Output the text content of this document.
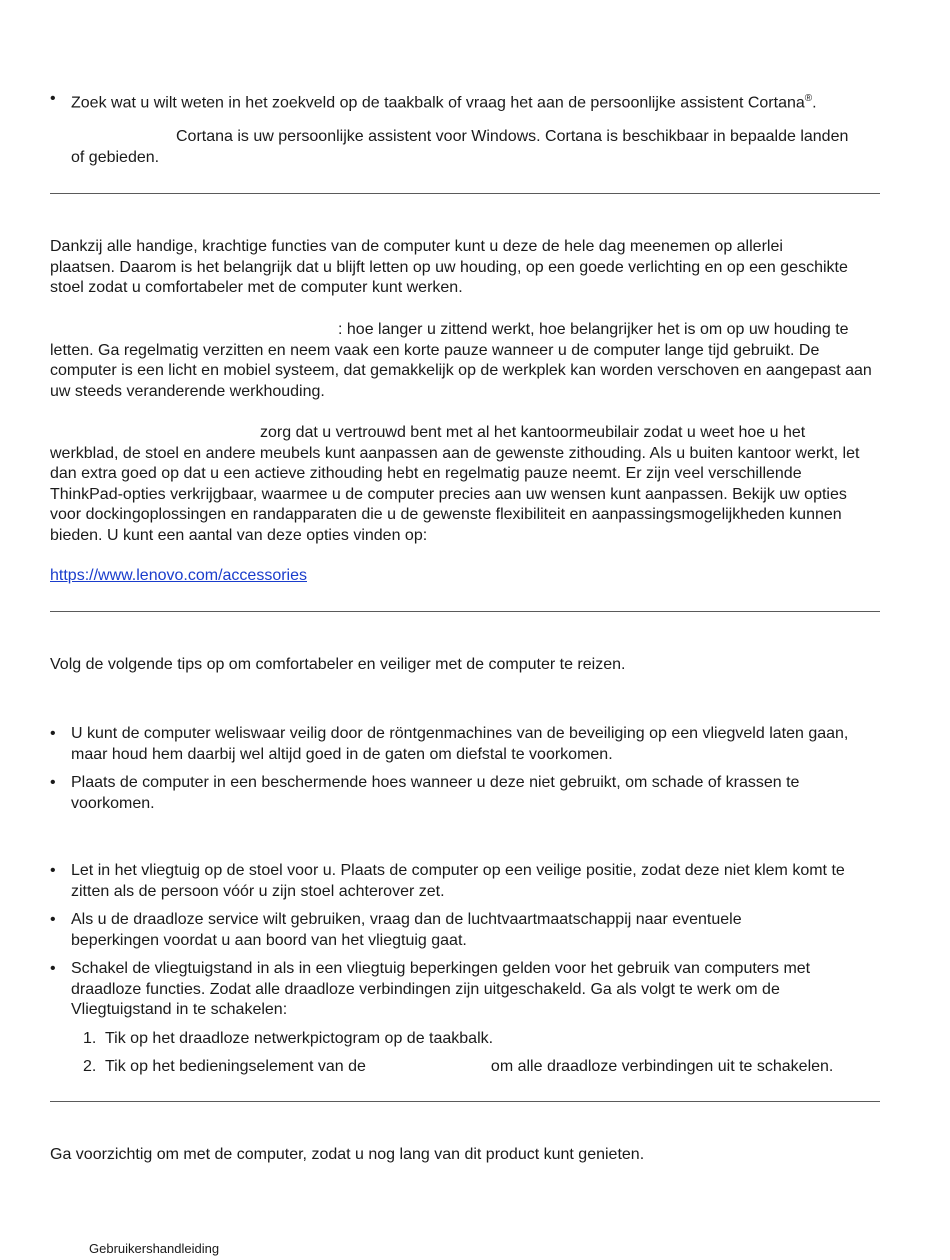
• Zoek wat u wilt weten in het zoekveld op de taakbalk of vraag het aan de persoonlijke assistent Cortana®.

Cortana is uw persoonlijke assistent voor Windows. Cortana is beschikbaar in bepaalde landen of gebieden.

Dankzij alle handige, krachtige functies van de computer kunt u deze de hele dag meenemen op allerlei plaatsen. Daarom is het belangrijk dat u blijft letten op uw houding, op een goede verlichting en op een geschikte stoel zodat u comfortabeler met de computer kunt werken.

: hoe langer u zittend werkt, hoe belangrijker het is om op uw houding te letten. Ga regelmatig verzitten en neem vaak een korte pauze wanneer u de computer lange tijd gebruikt. De computer is een licht en mobiel systeem, dat gemakkelijk op de werkplek kan worden verschoven en aangepast aan uw steeds veranderende werkhouding.

zorg dat u vertrouwd bent met al het kantoormeubilair zodat u weet hoe u het werkblad, de stoel en andere meubels kunt aanpassen aan de gewenste zithouding. Als u buiten kantoor werkt, let dan extra goed op dat u een actieve zithouding hebt en regelmatig pauze neemt. Er zijn veel verschillende ThinkPad-opties verkrijgbaar, waarmee u de computer precies aan uw wensen kunt aanpassen. Bekijk uw opties voor dockingoplossingen en randapparaten die u de gewenste flexibiliteit en aanpassingsmogelijkheden kunnen bieden. U kunt een aantal van deze opties vinden op:

https://www.lenovo.com/accessories

Volg de volgende tips op om comfortabeler en veiliger met de computer te reizen.

• U kunt de computer weliswaar veilig door de röntgenmachines van de beveiliging op een vliegveld laten gaan, maar houd hem daarbij wel altijd goed in de gaten om diefstal te voorkomen.
• Plaats de computer in een beschermende hoes wanneer u deze niet gebruikt, om schade of krassen te voorkomen.
• Let in het vliegtuig op de stoel voor u. Plaats de computer op een veilige positie, zodat deze niet klem komt te zitten als de persoon vóór u zijn stoel achterover zet.
• Als u de draadloze service wilt gebruiken, vraag dan de luchtvaartmaatschappij naar eventuele beperkingen voordat u aan boord van het vliegtuig gaat.
• Schakel de vliegtuigstand in als in een vliegtuig beperkingen gelden voor het gebruik van computers met draadloze functies. Zodat alle draadloze verbindingen zijn uitgeschakeld. Ga als volgt te werk om de Vliegtuigstand in te schakelen:
1. Tik op het draadloze netwerkpictogram op de taakbalk.
2. Tik op het bedieningselement van de	om alle draadloze verbindingen uit te schakelen.

Ga voorzichtig om met de computer, zodat u nog lang van dit product kunt genieten.

Gebruikershandleiding
